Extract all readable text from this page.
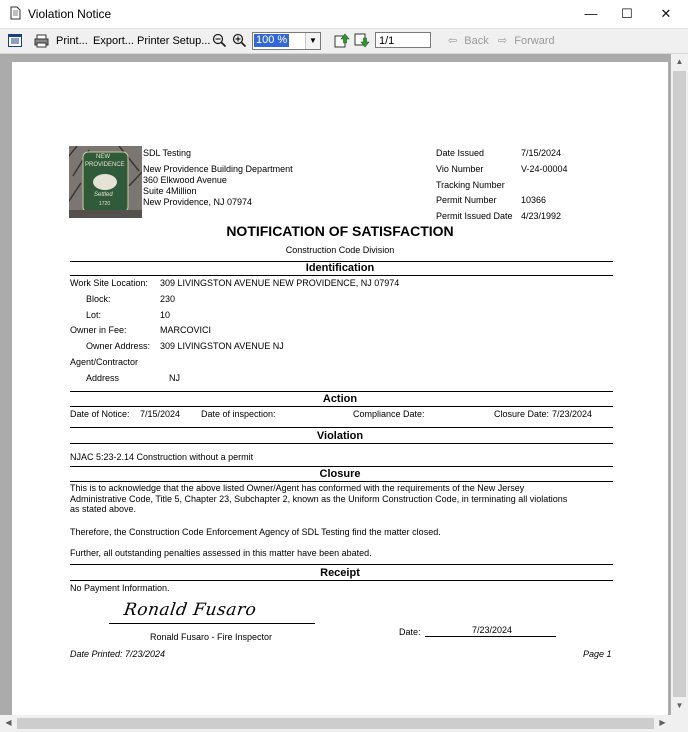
Violation Notice	—	☐	✕
Print... Export... Printer Setup...	100 %	▼	1/1	⇦ Back ⇨ Forward
NEW
PROVIDENCE
Settled
1720
SDL Testing
New Providence Building Department
360 Elkwood Avenue
Suite 4Million
New Providence, NJ 07974
Date Issued	7/15/2024
Vio Number	V-24-00004
Tracking Number
Permit Number	10366
Permit Issued Date 4/23/1992
NOTIFICATION OF SATISFACTION
Construction Code Division
Identification
Work Site Location: 309 LIVINGSTON AVENUE NEW PROVIDENCE, NJ 07974
Block:	230
Lot:	10
Owner in Fee:	MARCOVICI
Owner Address: 309 LIVINGSTON AVENUE NJ
Agent/Contractor
Address	NJ
Action
Date of Notice: 7/15/2024 Date of inspection:	Compliance Date:	Closure Date: 7/23/2024
Violation
NJAC 5:23-2.14 Construction without a permit
Closure
This is to acknowledge that the above listed Owner/Agent has conformed with the requirements of the New Jersey
Administrative Code, Title 5, Chapter 23, Subchapter 2, known as the Uniform Construction Code, in terminating all violations
as stated above.
Therefore, the Construction Code Enforcement Agency of SDL Testing find the matter closed.
Further, all outstanding penalties assessed in this matter have been abated.
Receipt
No Payment Information.
Ronald Fusaro
Ronald Fusaro - Fire Inspector	Date:	7/23/2024
Date Printed: 7/23/2024	Page 1
▲
▼
◀	▶
